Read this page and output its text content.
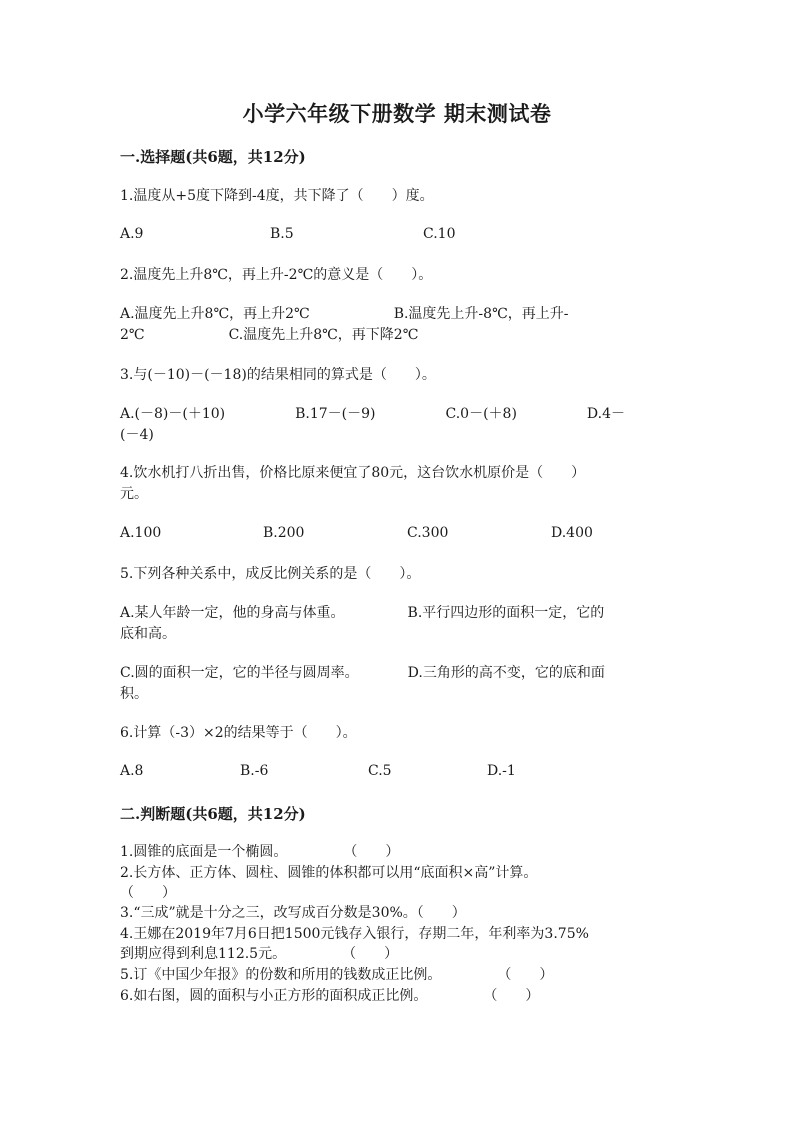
小学六年级下册数学 期末测试卷
一.选择题(共6题，共12分)
1.温度从+5度下降到-4度，共下降了（　　）度。
A.9	B.5	C.10
2.温度先上升8℃，再上升-2℃的意义是（　　）。
A.温度先上升8℃，再上升2℃　　　　　　B.温度先上升-8℃，再上升-
2℃　　　　　　C.温度先上升8℃，再下降2℃
3.与(－10)－(－18)的结果相同的算式是（　　）。
A.(－8)－(＋10)　　　　　B.17－(－9)　　　　　C.0－(＋8)　　　　　D.4－
(－4)
4.饮水机打八折出售，价格比原来便宜了80元，这台饮水机原价是（　　）
元。
A.100	B.200	C.300	D.400
5.下列各种关系中，成反比例关系的是（　　）。
A.某人年龄一定，他的身高与体重。　　　　　B.平行四边形的面积一定，它的
底和高。
C.圆的面积一定，它的半径与圆周率。　　　　D.三角形的高不变，它的底和面
积。
6.计算（-3）×2的结果等于（　　）。
A.8	B.-6	C.5	D.-1
二.判断题(共6题，共12分)
1.圆锥的底面是一个椭圆。　　　　　（　　）
2.长方体、正方体、圆柱、圆锥的体积都可以用“底面积×高”计算。
（　　）
3.“三成”就是十分之三，改写成百分数是30%。（　　）
4.王娜在2019年7月6日把1500元钱存入银行，存期二年，年利率为3.75%
到期应得到利息112.5元。　　　　　（　　）
5.订《中国少年报》的份数和所用的钱数成正比例。　　　　　（　　）
6.如右图，圆的面积与小正方形的面积成正比例。　　　　　（　　）
